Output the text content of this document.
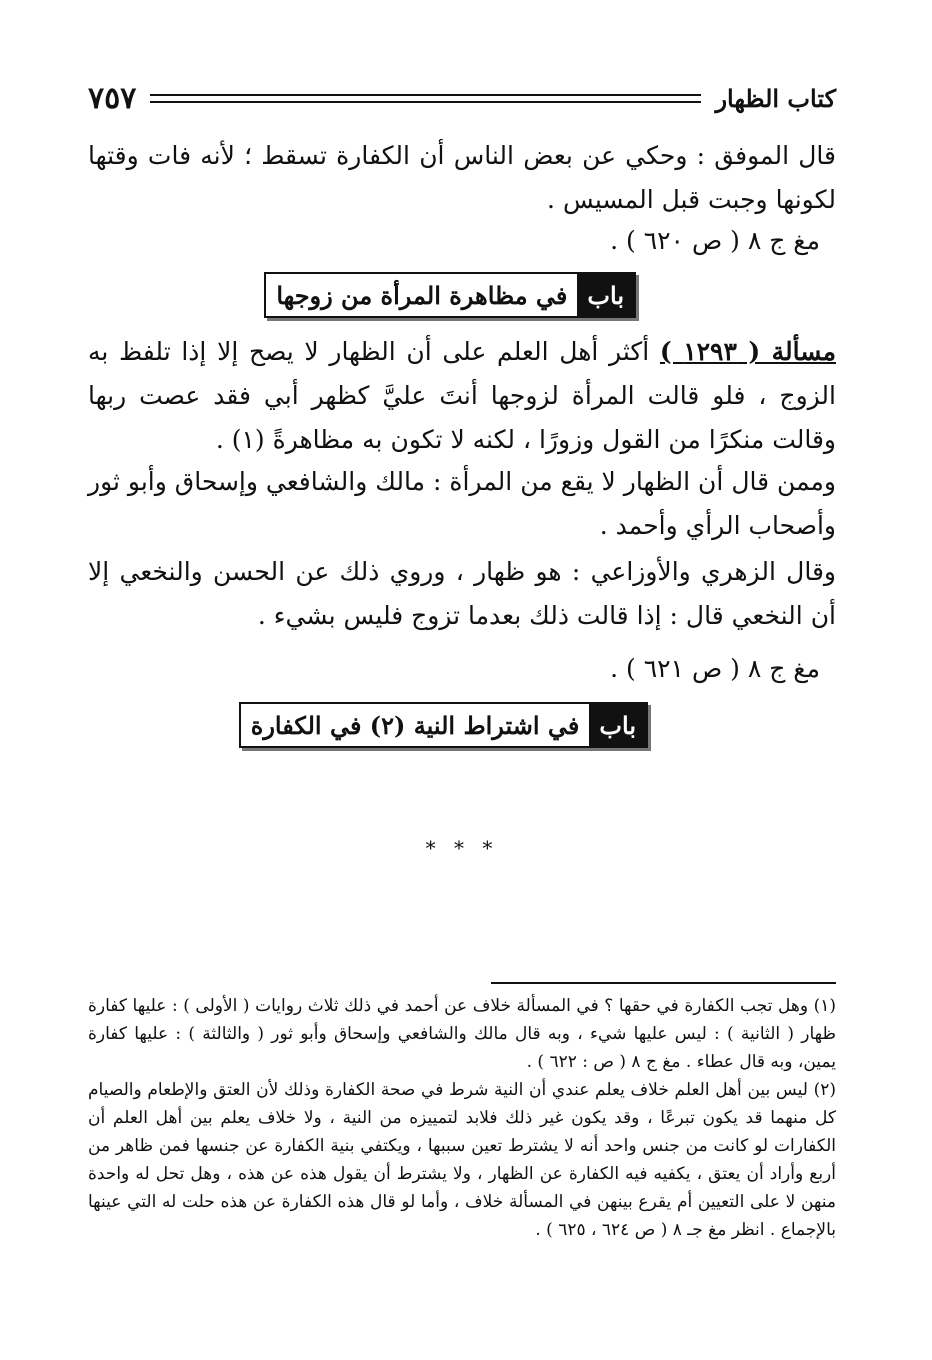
كتاب الظهار
٧٥٧
قال الموفق : وحكي عن بعض الناس أن الكفارة تسقط ؛ لأنه فات وقتها لكونها وجبت قبل المسيس .
مغ ج ٨ ( ص ٦٢٠ ) .
باب
في مظاهرة المرأة من زوجها
مسألة ( ١٢٩٣ ) أكثر أهل العلم على أن الظهار لا يصح إلا إذا تلفظ به الزوج ، فلو قالت المرأة لزوجها أنتَ عليَّ كظهر أبي فقد عصت ربها وقالت منكرًا من القول وزورًا ، لكنه لا تكون به مظاهرةً (١) .
وممن قال أن الظهار لا يقع من المرأة : مالك والشافعي وإسحاق وأبو ثور وأصحاب الرأي وأحمد .
وقال الزهري والأوزاعي : هو ظهار ، وروي ذلك عن الحسن والنخعي إلا أن النخعي قال : إذا قالت ذلك بعدما تزوج فليس بشيء .
مغ ج ٨ ( ص ٦٢١ ) .
باب
في اشتراط النية (٢) في الكفارة
* * *

(١) وهل تجب الكفارة في حقها ؟ في المسألة خلاف عن أحمد في ذلك ثلاث روايات ( الأولى ) : عليها كفارة ظهار ( الثانية ) : ليس عليها شيء ، وبه قال مالك والشافعي وإسحاق وأبو ثور ( والثالثة ) : عليها كفارة يمين، وبه قال عطاء . مغ ج ٨ ( ص : ٦٢٢ ) .

(٢) ليس بين أهل العلم خلاف يعلم عندي أن النية شرط في صحة الكفارة وذلك لأن العتق والإطعام والصيام كل منهما قد يكون تبرعًا ، وقد يكون غير ذلك فلابد لتمييزه من النية ، ولا خلاف يعلم بين أهل العلم أن الكفارات لو كانت من جنس واحد أنه لا يشترط تعين سببها ، ويكتفي بنية الكفارة عن جنسها فمن ظاهر من أربع وأراد أن يعتق ، يكفيه فيه الكفارة عن الظهار ، ولا يشترط أن يقول هذه عن هذه ، وهل تحل له واحدة منهن لا على التعيين أم يقرع بينهن في المسألة خلاف ، وأما لو قال هذه الكفارة عن هذه حلت له التي عينها بالإجماع . انظر مغ جـ ٨ ( ص ٦٢٤ ، ٦٢٥ ) .
